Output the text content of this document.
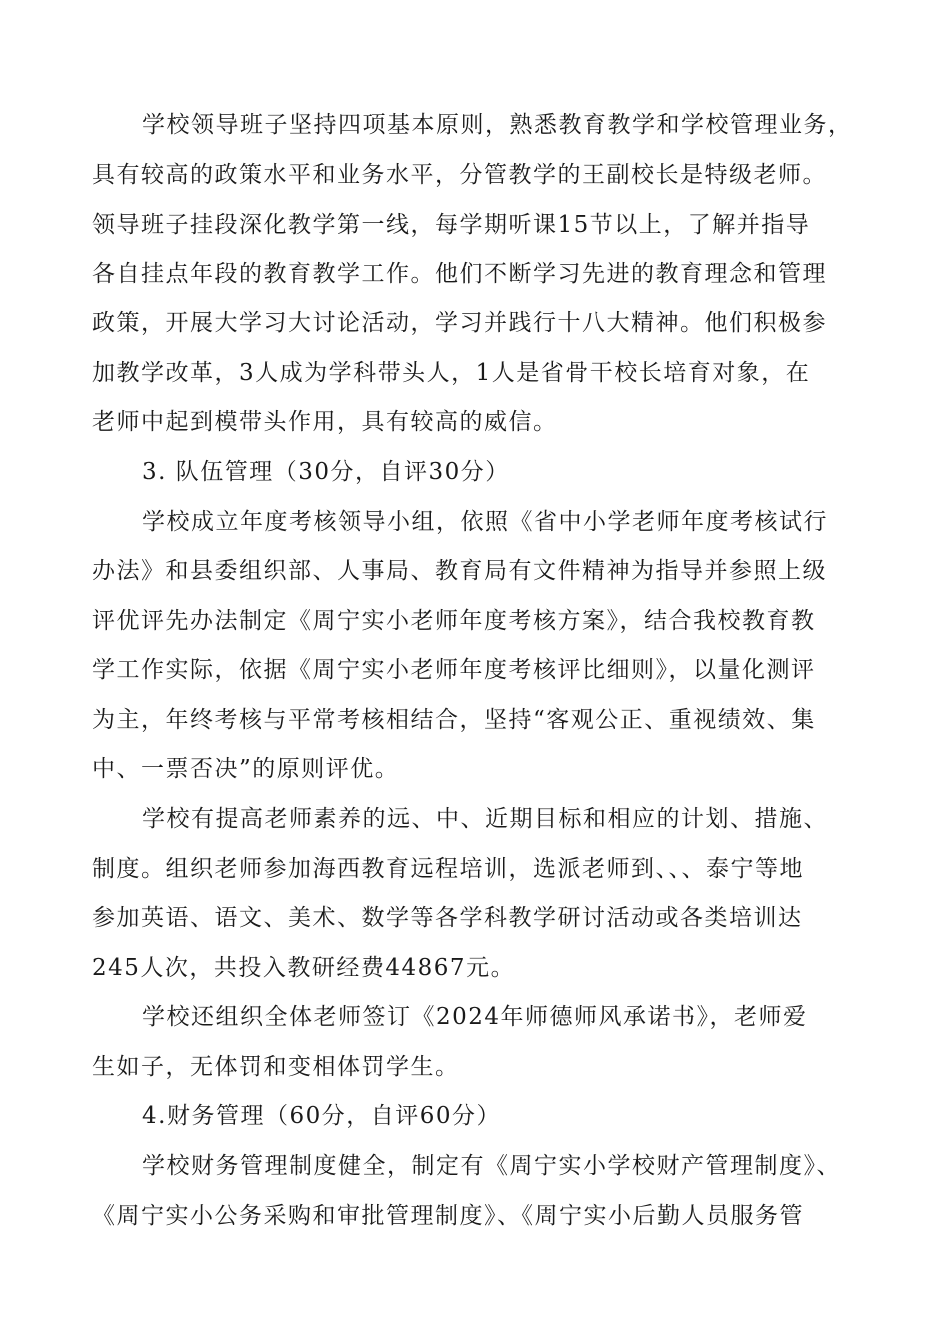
学校领导班子坚持四项基本原则，熟悉教育教学和学校管理业务，
具有较高的政策水平和业务水平，分管教学的王副校长是特级老师。
领导班子挂段深化教学第一线，每学期听课15节以上，了解并指导
各自挂点年段的教育教学工作。他们不断学习先进的教育理念和管理
政策，开展大学习大讨论活动，学习并践行十八大精神。他们积极参
加教学改革，3人成为学科带头人，1人是省骨干校长培育对象，在
老师中起到模带头作用，具有较高的威信。
3. 队伍管理（30分，自评30分）
学校成立年度考核领导小组，依照《省中小学老师年度考核试行
办法》和县委组织部、人事局、教育局有文件精神为指导并参照上级
评优评先办法制定《周宁实小老师年度考核方案》，结合我校教育教
学工作实际，依据《周宁实小老师年度考核评比细则》，以量化测评
为主，年终考核与平常考核相结合，坚持“客观公正、重视绩效、集
中、一票否决”的原则评优。
学校有提高老师素养的远、中、近期目标和相应的计划、措施、
制度。组织老师参加海西教育远程培训，选派老师到、、、泰宁等地
参加英语、语文、美术、数学等各学科教学研讨活动或各类培训达
245人次，共投入教研经费44867元。
学校还组织全体老师签订《2024年师德师风承诺书》，老师爱
生如子，无体罚和变相体罚学生。
4.财务管理（60分，自评60分）
学校财务管理制度健全，制定有《周宁实小学校财产管理制度》、
《周宁实小公务采购和审批管理制度》、《周宁实小后勤人员服务管
